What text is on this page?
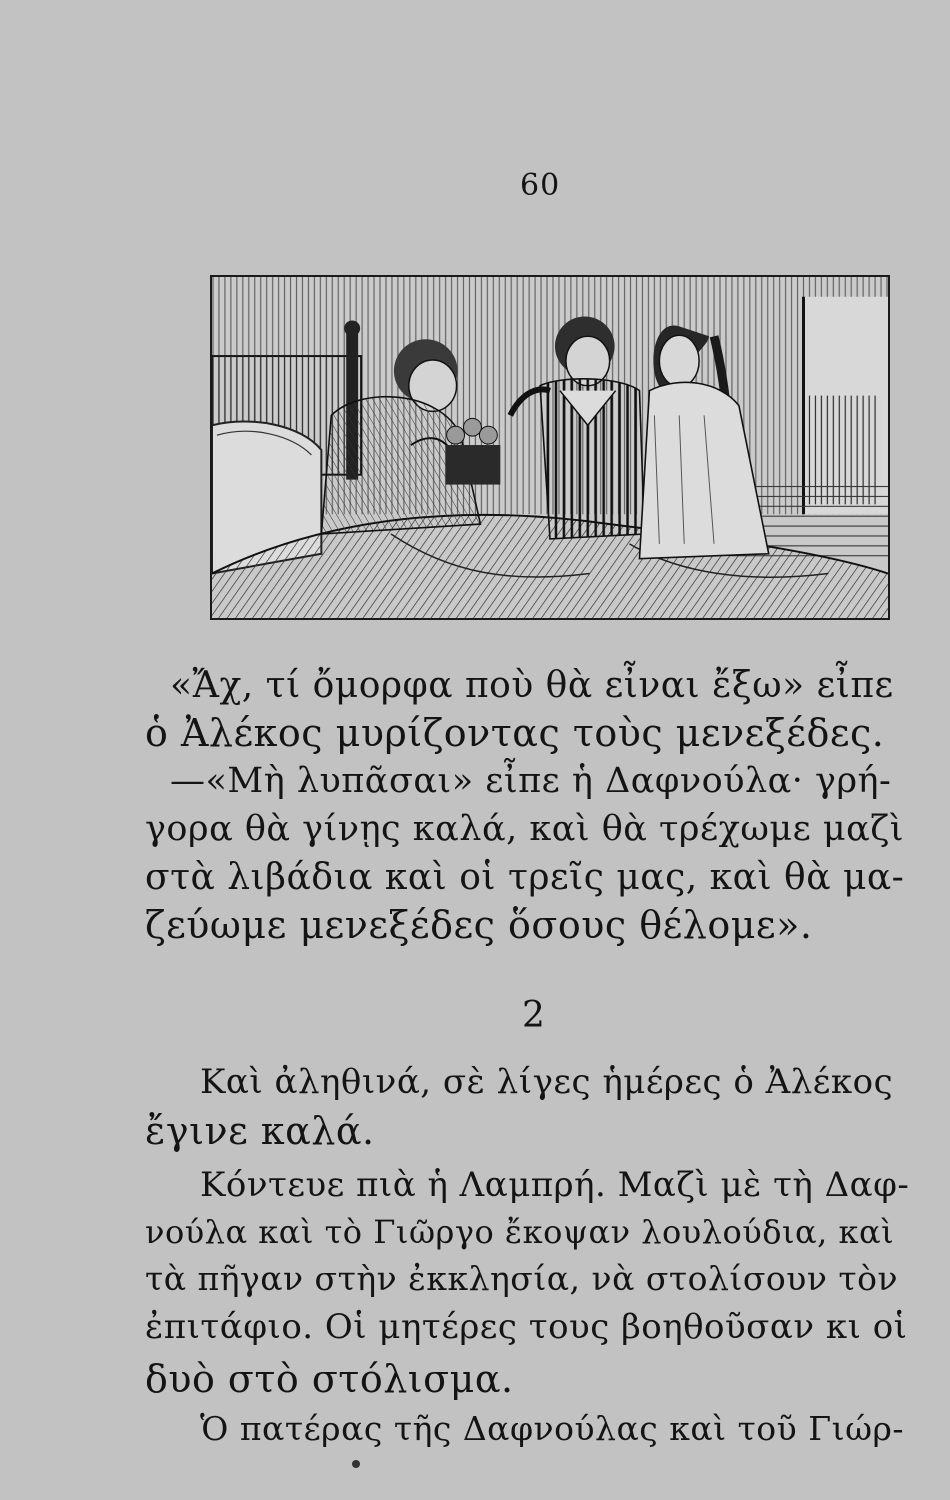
60
«Ἄχ, τί ὄμορφα ποὺ θὰ εἶναι ἔξω» εἶπε
ὁ Ἀλέκος μυρίζοντας τοὺς μενεξέδες.
—«Μὴ λυπᾶσαι» εἶπε ἡ Δαφνούλα· γρή-
γορα θὰ γίνῃς καλά, καὶ θὰ τρέχωμε μαζὶ
στὰ λιβάδια καὶ οἱ τρεῖς μας, καὶ θὰ μα-
ζεύωμε μενεξέδες ὅσους θέλομε».
2
Καὶ ἀληθινά, σὲ λίγες ἡμέρες ὁ Ἀλέκος
ἔγινε καλά.
Κόντευε πιὰ ἡ Λαμπρή. Μαζὶ μὲ τὴ Δαφ-
νούλα καὶ τὸ Γιῶργο ἔκοψαν λουλούδια, καὶ
τὰ πῆγαν στὴν ἐκκλησία, νὰ στολίσουν τὸν
ἐπιτάφιο. Οἱ μητέρες τους βοηθοῦσαν κι οἱ
δυὸ στὸ στόλισμα.
Ὁ πατέρας τῆς Δαφνούλας καὶ τοῦ Γιώρ-
